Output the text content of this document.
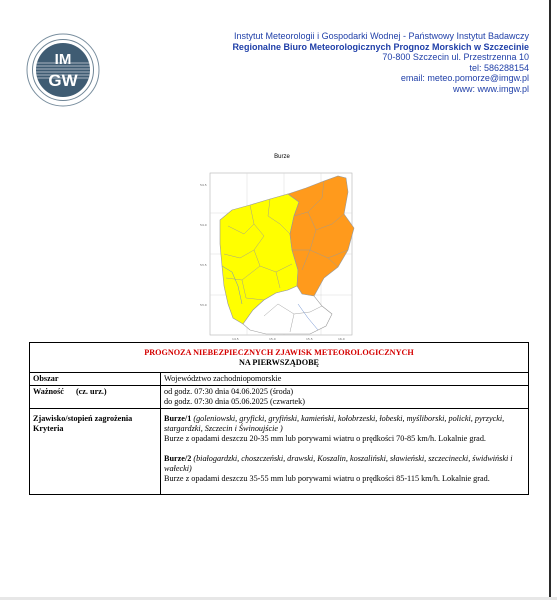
IM
GW
Instytut Meteorologii i Gospodarki Wodnej - Państwowy Instytut Badawczy
Regionalne Biuro Meteorologicznych Prognoz Morskich w Szczecinie
70-800 Szczecin ul. Przestrzenna 10
tel: 586288154
email: meteo.pomorze@imgw.pl
www: www.imgw.pl
Burze
54.5
54.0
53.5
53.0
14.5	15.0	15.5	16.0
PROGNOZA NIEBEZPIECZNYCH ZJAWISK METEOROLOGICZNYCH
NA PIERWSZĄDOBĘ	

Obszar	Województwo zachodniopomorskie
Ważność (cz. urz.)	od godz. 07:30 dnia 04.06.2025 (środa)
do godz. 07:30 dnia 05.06.2025 (czwartek)

Zjawisko/stopień zagrożenia
Kryteria	Burze/1 (goleniowski, gryficki, gryfiński, kamieński, kołobrzeski, łobeski, myśliborski, policki, pyrzycki, stargardzki, Szczecin i Świnoujście )
Burze z opadami deszczu 20-35 mm lub porywami wiatru o prędkości 70-85 km/h. Lokalnie grad.
Burze/2 (białogardzki, choszczeński, drawski, Koszalin, koszaliński, sławieński, szczecinecki, świdwiński i wałecki)
Burze z opadami deszczu 35-55 mm lub porywami wiatru o prędkości 85-115 km/h. Lokalnie grad.
